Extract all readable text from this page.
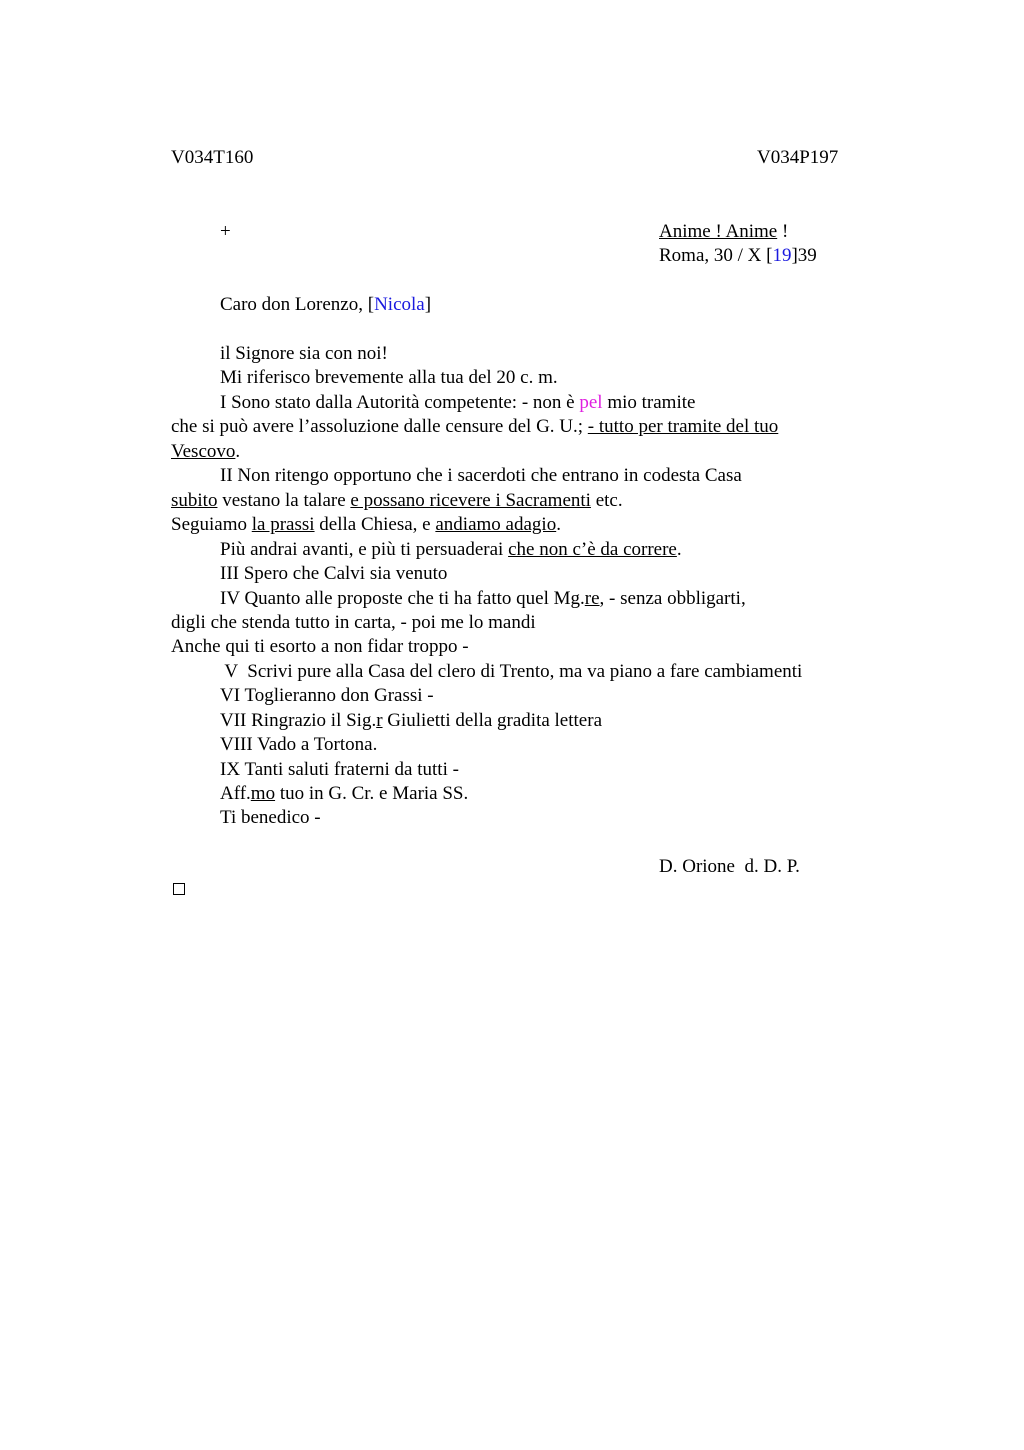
V034T160	V034P197
+	Anime ! Anime !
Roma, 30 / X [19]39
Caro don Lorenzo, [Nicola]
il Signore sia con noi!
Mi riferisco brevemente alla tua del 20 c. m.
I Sono stato dalla Autorità competente: - non è pel mio tramite
che si può avere l’assoluzione dalle censure del G. U.; - tutto per tramite del tuo
Vescovo.
II Non ritengo opportuno che i sacerdoti che entrano in codesta Casa
subito vestano la talare e possano ricevere i Sacramenti etc.
Seguiamo la prassi della Chiesa, e andiamo adagio.
Più andrai avanti, e più ti persuaderai che non c’è da correre.
III Spero che Calvi sia venuto
IV Quanto alle proposte che ti ha fatto quel Mg.re, - senza obbligarti,
digli che stenda tutto in carta, - poi me lo mandi
Anche qui ti esorto a non fidar troppo -
V  Scrivi pure alla Casa del clero di Trento, ma va piano a fare cambiamenti
VI Toglieranno don Grassi -
VII Ringrazio il Sig.r Giulietti della gradita lettera
VIII Vado a Tortona.
IX Tanti saluti fraterni da tutti -
Aff.mo tuo in G. Cr. e Maria SS.
Ti benedico -
D. Orione  d. D. P.
